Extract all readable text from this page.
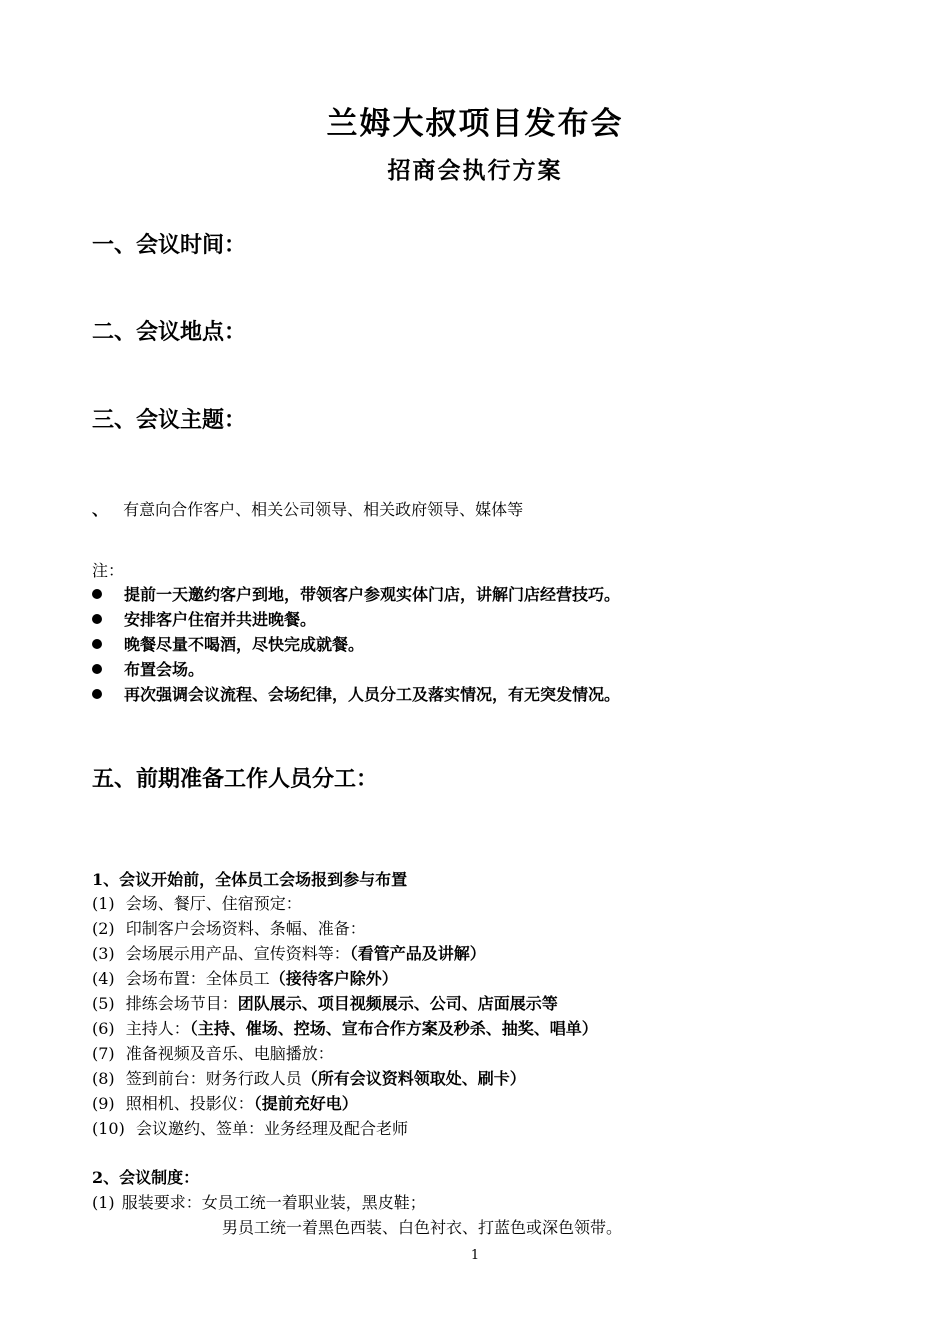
兰姆大叔项目发布会
招商会执行方案
一、会议时间：
二、会议地点：
三、会议主题：
、 有意向合作客户、相关公司领导、相关政府领导、媒体等
注：
提前一天邀约客户到地，带领客户参观实体门店，讲解门店经营技巧。
安排客户住宿并共进晚餐。
晚餐尽量不喝酒，尽快完成就餐。
布置会场。
再次强调会议流程、会场纪律，人员分工及落实情况，有无突发情况。
五、前期准备工作人员分工：
1、会议开始前，全体员工会场报到参与布置
(1) 会场、餐厅、住宿预定：
(2) 印制客户会场资料、条幅、准备：
(3) 会场展示用产品、宣传资料等：（看管产品及讲解）
(4) 会场布置：全体员工（接待客户除外）
(5) 排练会场节目：团队展示、项目视频展示、公司、店面展示等
(6) 主持人：（主持、催场、控场、宣布合作方案及秒杀、抽奖、唱单）
(7) 准备视频及音乐、电脑播放：
(8) 签到前台：财务行政人员（所有会议资料领取处、刷卡）
(9) 照相机、投影仪：（提前充好电）
(10) 会议邀约、签单：业务经理及配合老师
2、会议制度：
(1) 服装要求：女员工统一着职业装，黑皮鞋；
男员工统一着黑色西装、白色衬衣、打蓝色或深色领带。
1
